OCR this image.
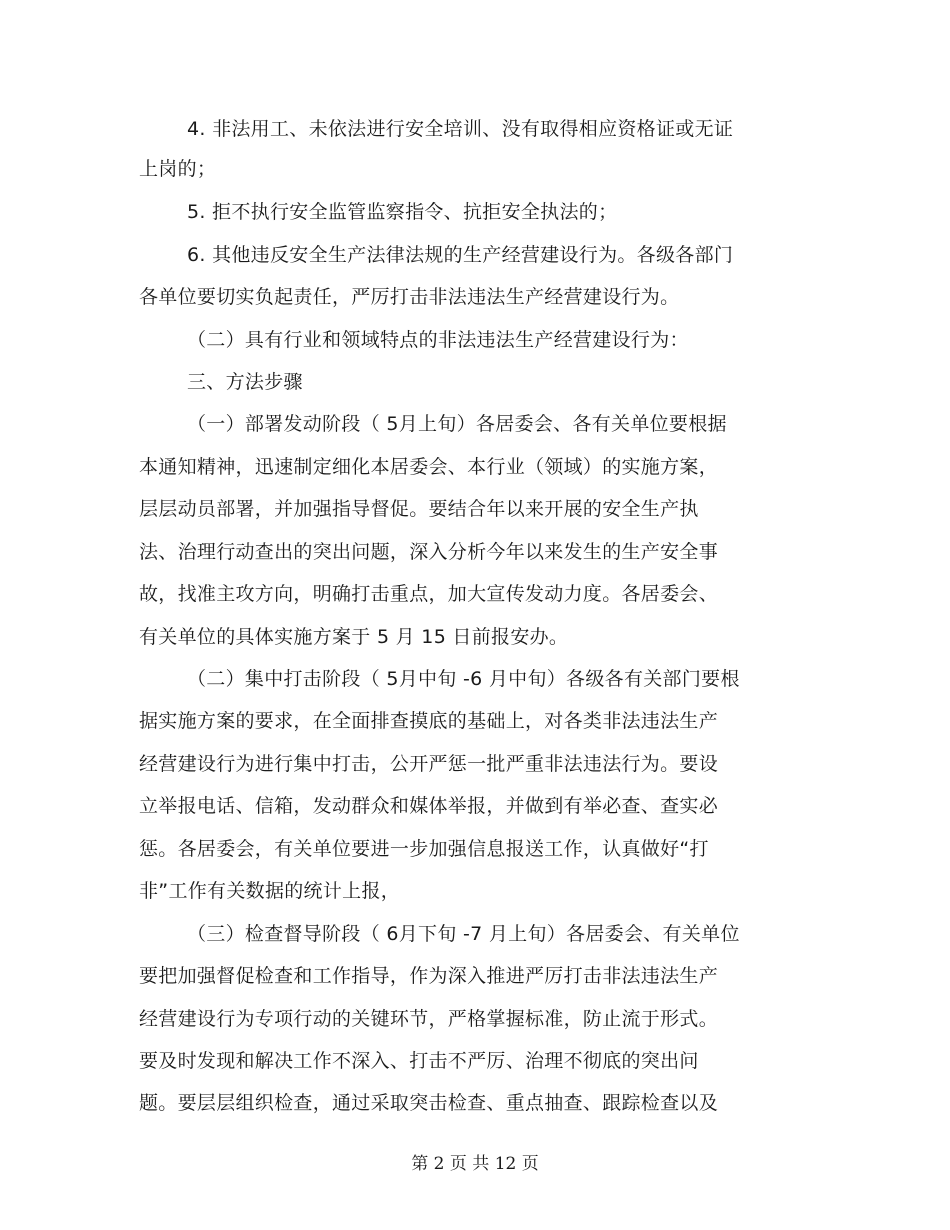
4. 非法用工、未依法进行安全培训、没有取得相应资格证或无证
上岗的；
5. 拒不执行安全监管监察指令、抗拒安全执法的；
6. 其他违反安全生产法律法规的生产经营建设行为。各级各部门
各单位要切实负起责任，严厉打击非法违法生产经营建设行为。
（二）具有行业和领域特点的非法违法生产经营建设行为：
三、方法步骤
（一）部署发动阶段（ 5月上旬）各居委会、各有关单位要根据
本通知精神，迅速制定细化本居委会、本行业（领域）的实施方案，
层层动员部署，并加强指导督促。要结合年以来开展的安全生产执
法、治理行动查出的突出问题，深入分析今年以来发生的生产安全事
故，找准主攻方向，明确打击重点，加大宣传发动力度。各居委会、
有关单位的具体实施方案于 5 月 15 日前报安办。
（二）集中打击阶段（ 5月中旬 -6 月中旬）各级各有关部门要根
据实施方案的要求，在全面排查摸底的基础上，对各类非法违法生产
经营建设行为进行集中打击，公开严惩一批严重非法违法行为。要设
立举报电话、信箱，发动群众和媒体举报，并做到有举必查、查实必
惩。各居委会，有关单位要进一步加强信息报送工作，认真做好“打
非”工作有关数据的统计上报，
（三）检查督导阶段（ 6月下旬 -7 月上旬）各居委会、有关单位
要把加强督促检查和工作指导，作为深入推进严厉打击非法违法生产
经营建设行为专项行动的关键环节，严格掌握标准，防止流于形式。
要及时发现和解决工作不深入、打击不严厉、治理不彻底的突出问
题。要层层组织检查，通过采取突击检查、重点抽查、跟踪检查以及
第 2 页 共 12 页
